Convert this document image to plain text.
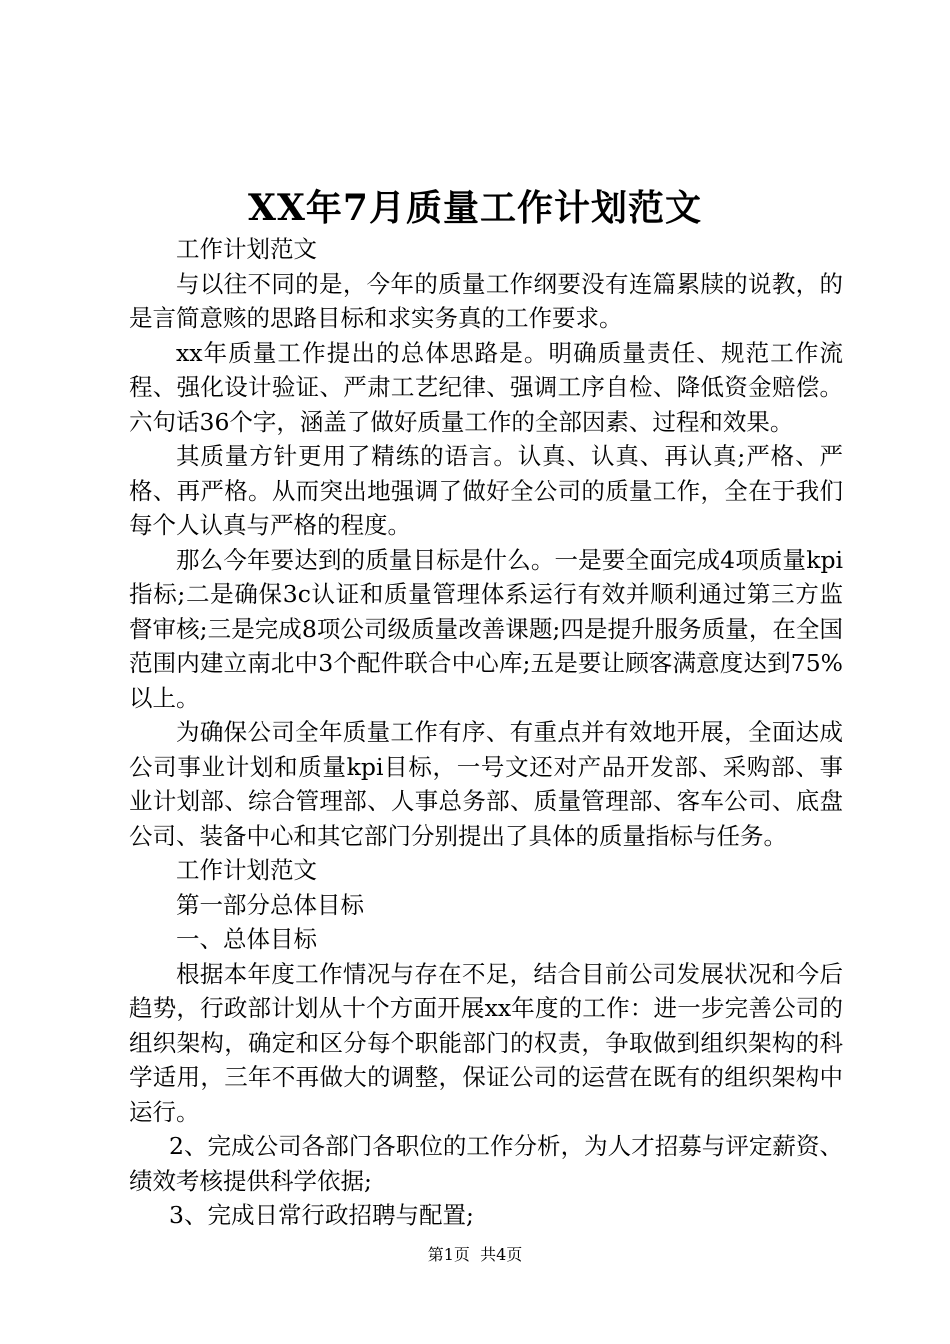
XX年7月质量工作计划范文

工作计划范文

与以往不同的是，今年的质量工作纲要没有连篇累牍的说教，的是言简意赅的思路目标和求实务真的工作要求。

xx年质量工作提出的总体思路是。明确质量责任、规范工作流程、强化设计验证、严肃工艺纪律、强调工序自检、降低资金赔偿。六句话36个字，涵盖了做好质量工作的全部因素、过程和效果。

其质量方针更用了精练的语言。认真、认真、再认真;严格、严格、再严格。从而突出地强调了做好全公司的质量工作，全在于我们每个人认真与严格的程度。

那么今年要达到的质量目标是什么。一是要全面完成4项质量kpi指标;二是确保3c认证和质量管理体系运行有效并顺利通过第三方监督审核;三是完成8项公司级质量改善课题;四是提升服务质量，在全国范围内建立南北中3个配件联合中心库;五是要让顾客满意度达到75%以上。

为确保公司全年质量工作有序、有重点并有效地开展，全面达成公司事业计划和质量kpi目标，一号文还对产品开发部、采购部、事业计划部、综合管理部、人事总务部、质量管理部、客车公司、底盘公司、装备中心和其它部门分别提出了具体的质量指标与任务。

工作计划范文

第一部分总体目标

一、总体目标

根据本年度工作情况与存在不足，结合目前公司发展状况和今后趋势，行政部计划从十个方面开展xx年度的工作：进一步完善公司的组织架构，确定和区分每个职能部门的权责，争取做到组织架构的科学适用，三年不再做大的调整，保证公司的运营在既有的组织架构中运行。

2、完成公司各部门各职位的工作分析，为人才招募与评定薪资、绩效考核提供科学依据;

3、完成日常行政招聘与配置;

第1页  共4页
